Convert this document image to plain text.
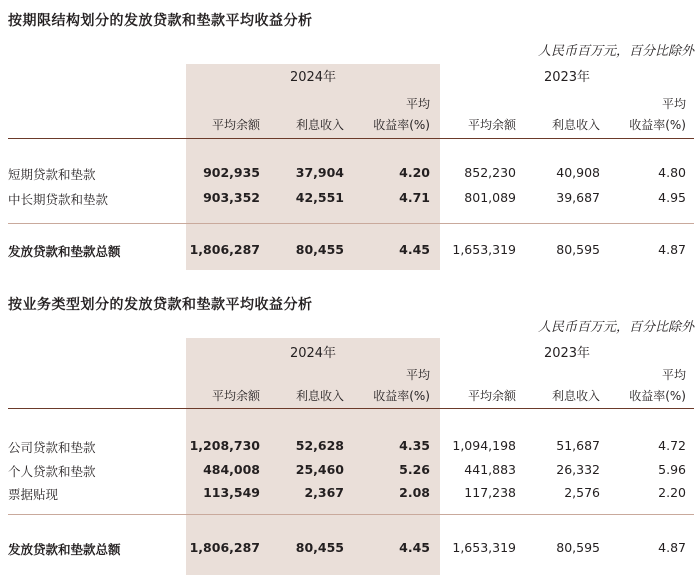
按期限结构划分的发放贷款和垫款平均收益分析
人民币百万元，百分比除外
2024年	2023年
平均	平均
平均余额	利息收入 收益率(%)	平均余额	利息收入 收益率(%)
短期贷款和垫款	902,935	37,904	4.20	852,230	40,908	4.80
中长期贷款和垫款	903,352	42,551	4.71	801,089	39,687	4.95
发放贷款和垫款总额	1,806,287	80,455	4.45 1,653,319	80,595	4.87
按业务类型划分的发放贷款和垫款平均收益分析
人民币百万元，百分比除外
2024年	2023年
平均	平均
平均余额	利息收入 收益率(%)	平均余额	利息收入 收益率(%)
公司贷款和垫款	1,208,730	52,628	4.35 1,094,198	51,687	4.72
个人贷款和垫款	484,008	25,460	5.26	441,883	26,332	5.96
票据贴现	113,549	2,367	2.08	117,238	2,576	2.20
发放贷款和垫款总额	1,806,287	80,455	4.45 1,653,319	80,595	4.87
